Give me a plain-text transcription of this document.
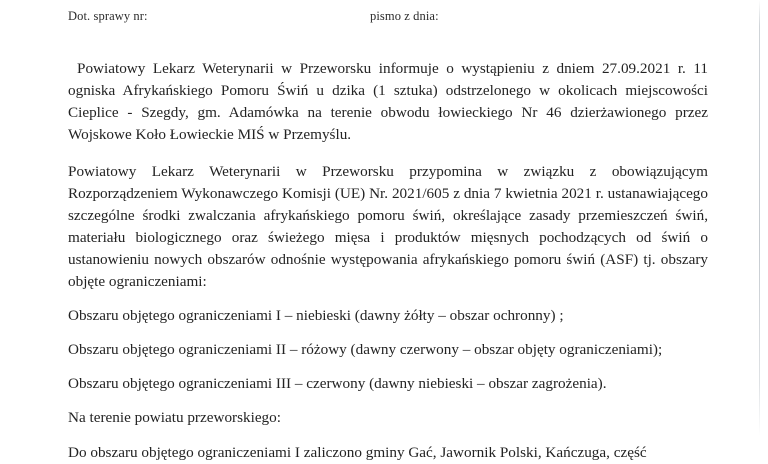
Dot. sprawy nr:	pismo z dnia:

Powiatowy Lekarz Weterynarii w Przeworsku informuje o wystąpieniu z dniem 27.09.2021 r. 11 ogniska Afrykańskiego Pomoru Świń u dzika (1 sztuka) odstrzelonego w okolicach miejscowości Cieplice - Szegdy, gm. Adamówka na terenie obwodu łowieckiego Nr 46 dzierżawionego przez Wojskowe Koło Łowieckie MIŚ w Przemyślu.

Powiatowy Lekarz Weterynarii w Przeworsku przypomina w związku z obowiązującym Rozporządzeniem Wykonawczego Komisji (UE) Nr. 2021/605 z dnia 7 kwietnia 2021 r. ustanawiającego szczególne środki zwalczania afrykańskiego pomoru świń, określające zasady przemieszczeń świń, materiału biologicznego oraz świeżego mięsa i produktów mięsnych pochodzących od świń o ustanowieniu nowych obszarów odnośnie występowania afrykańskiego pomoru świń (ASF) tj. obszary objęte ograniczeniami:

Obszaru objętego ograniczeniami I – niebieski (dawny żółty – obszar ochronny) ;

Obszaru objętego ograniczeniami II – różowy (dawny czerwony – obszar objęty ograniczeniami);

Obszaru objętego ograniczeniami III – czerwony (dawny niebieski – obszar zagrożenia).

Na terenie powiatu przeworskiego:

Do obszaru objętego ograniczeniami I zaliczono gminy Gać, Jawornik Polski, Kańczuga, część
